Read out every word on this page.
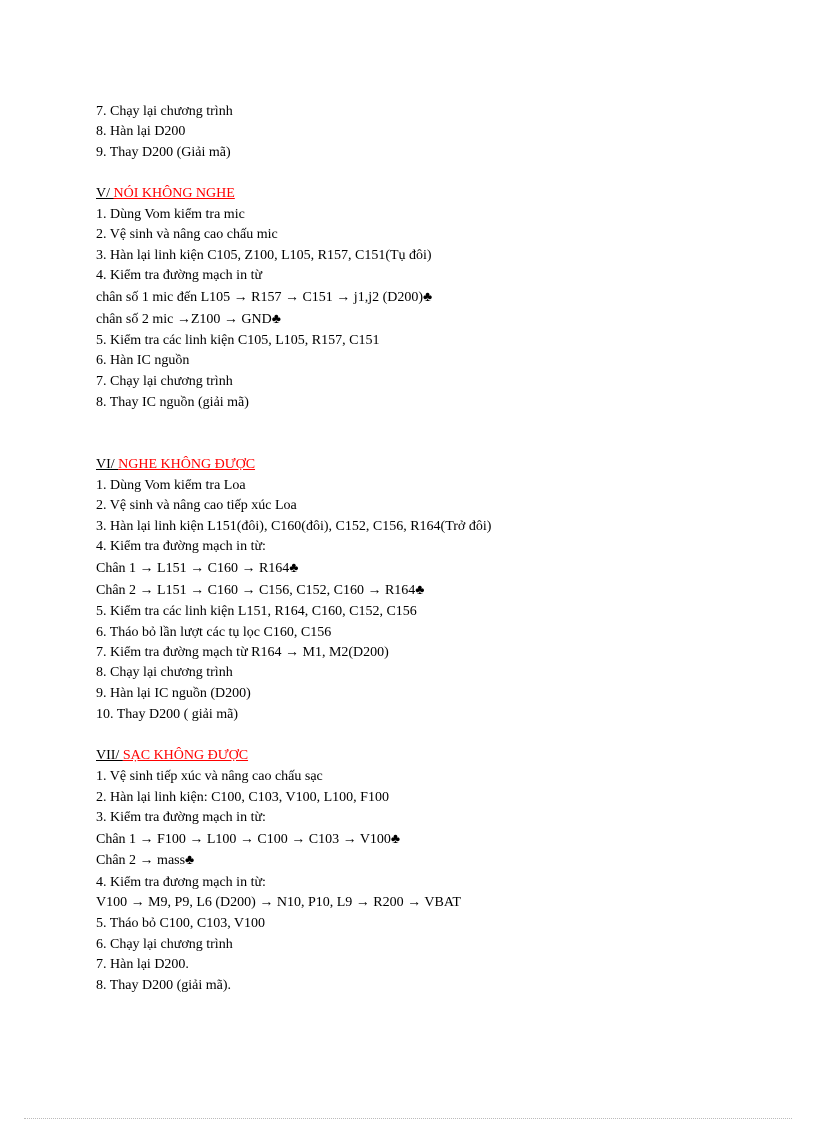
7. Chạy lại chương trình
8. Hàn lại D200
9. Thay D200 (Giải mã)
V/ NÓI KHÔNG NGHE
1. Dùng Vom kiểm tra mic
2. Vệ sinh và nâng cao chấu mic
3. Hàn lại linh kiện C105, Z100, L105, R157, C151(Tụ đôi)
4. Kiểm tra đường mạch in từ
chân số 1 mic đến L105 → R157 → C151 → j1,j2 (D200)♣
chân số 2 mic →Z100 → GND♣
5. Kiểm tra các linh kiện C105, L105, R157, C151
6. Hàn IC nguồn
7. Chạy lại chương trình
8. Thay IC nguồn (giải mã)
VI/ NGHE KHÔNG ĐƯỢC
1. Dùng Vom kiểm tra Loa
2. Vệ sinh và nâng cao tiếp xúc Loa
3. Hàn lại linh kiện L151(đôi), C160(đôi), C152, C156, R164(Trở đôi)
4. Kiểm tra đường mạch in từ:
Chân 1 → L151 → C160 → R164♣
Chân 2 → L151 → C160 → C156, C152, C160 → R164♣
5. Kiểm tra các linh kiện L151, R164, C160, C152, C156
6. Tháo bỏ lần lượt các tụ lọc C160, C156
7. Kiểm tra đường mạch từ R164 → M1, M2(D200)
8. Chạy lại chương trình
9. Hàn lại IC nguồn (D200)
10. Thay D200 ( giải mã)
VII/ SẠC KHÔNG ĐƯỢC
1. Vệ sinh tiếp xúc và nâng cao chấu sạc
2. Hàn lại linh kiện: C100, C103, V100, L100, F100
3. Kiểm tra đường mạch in từ:
Chân 1 → F100 → L100 → C100 → C103 → V100♣
Chân 2 → mass♣
4. Kiểm tra đương mạch in từ:
V100 → M9, P9, L6 (D200) → N10, P10, L9 → R200 → VBAT
5. Tháo bỏ C100, C103, V100
6. Chạy lại chương trình
7. Hàn lại D200.
8. Thay D200 (giải mã).
